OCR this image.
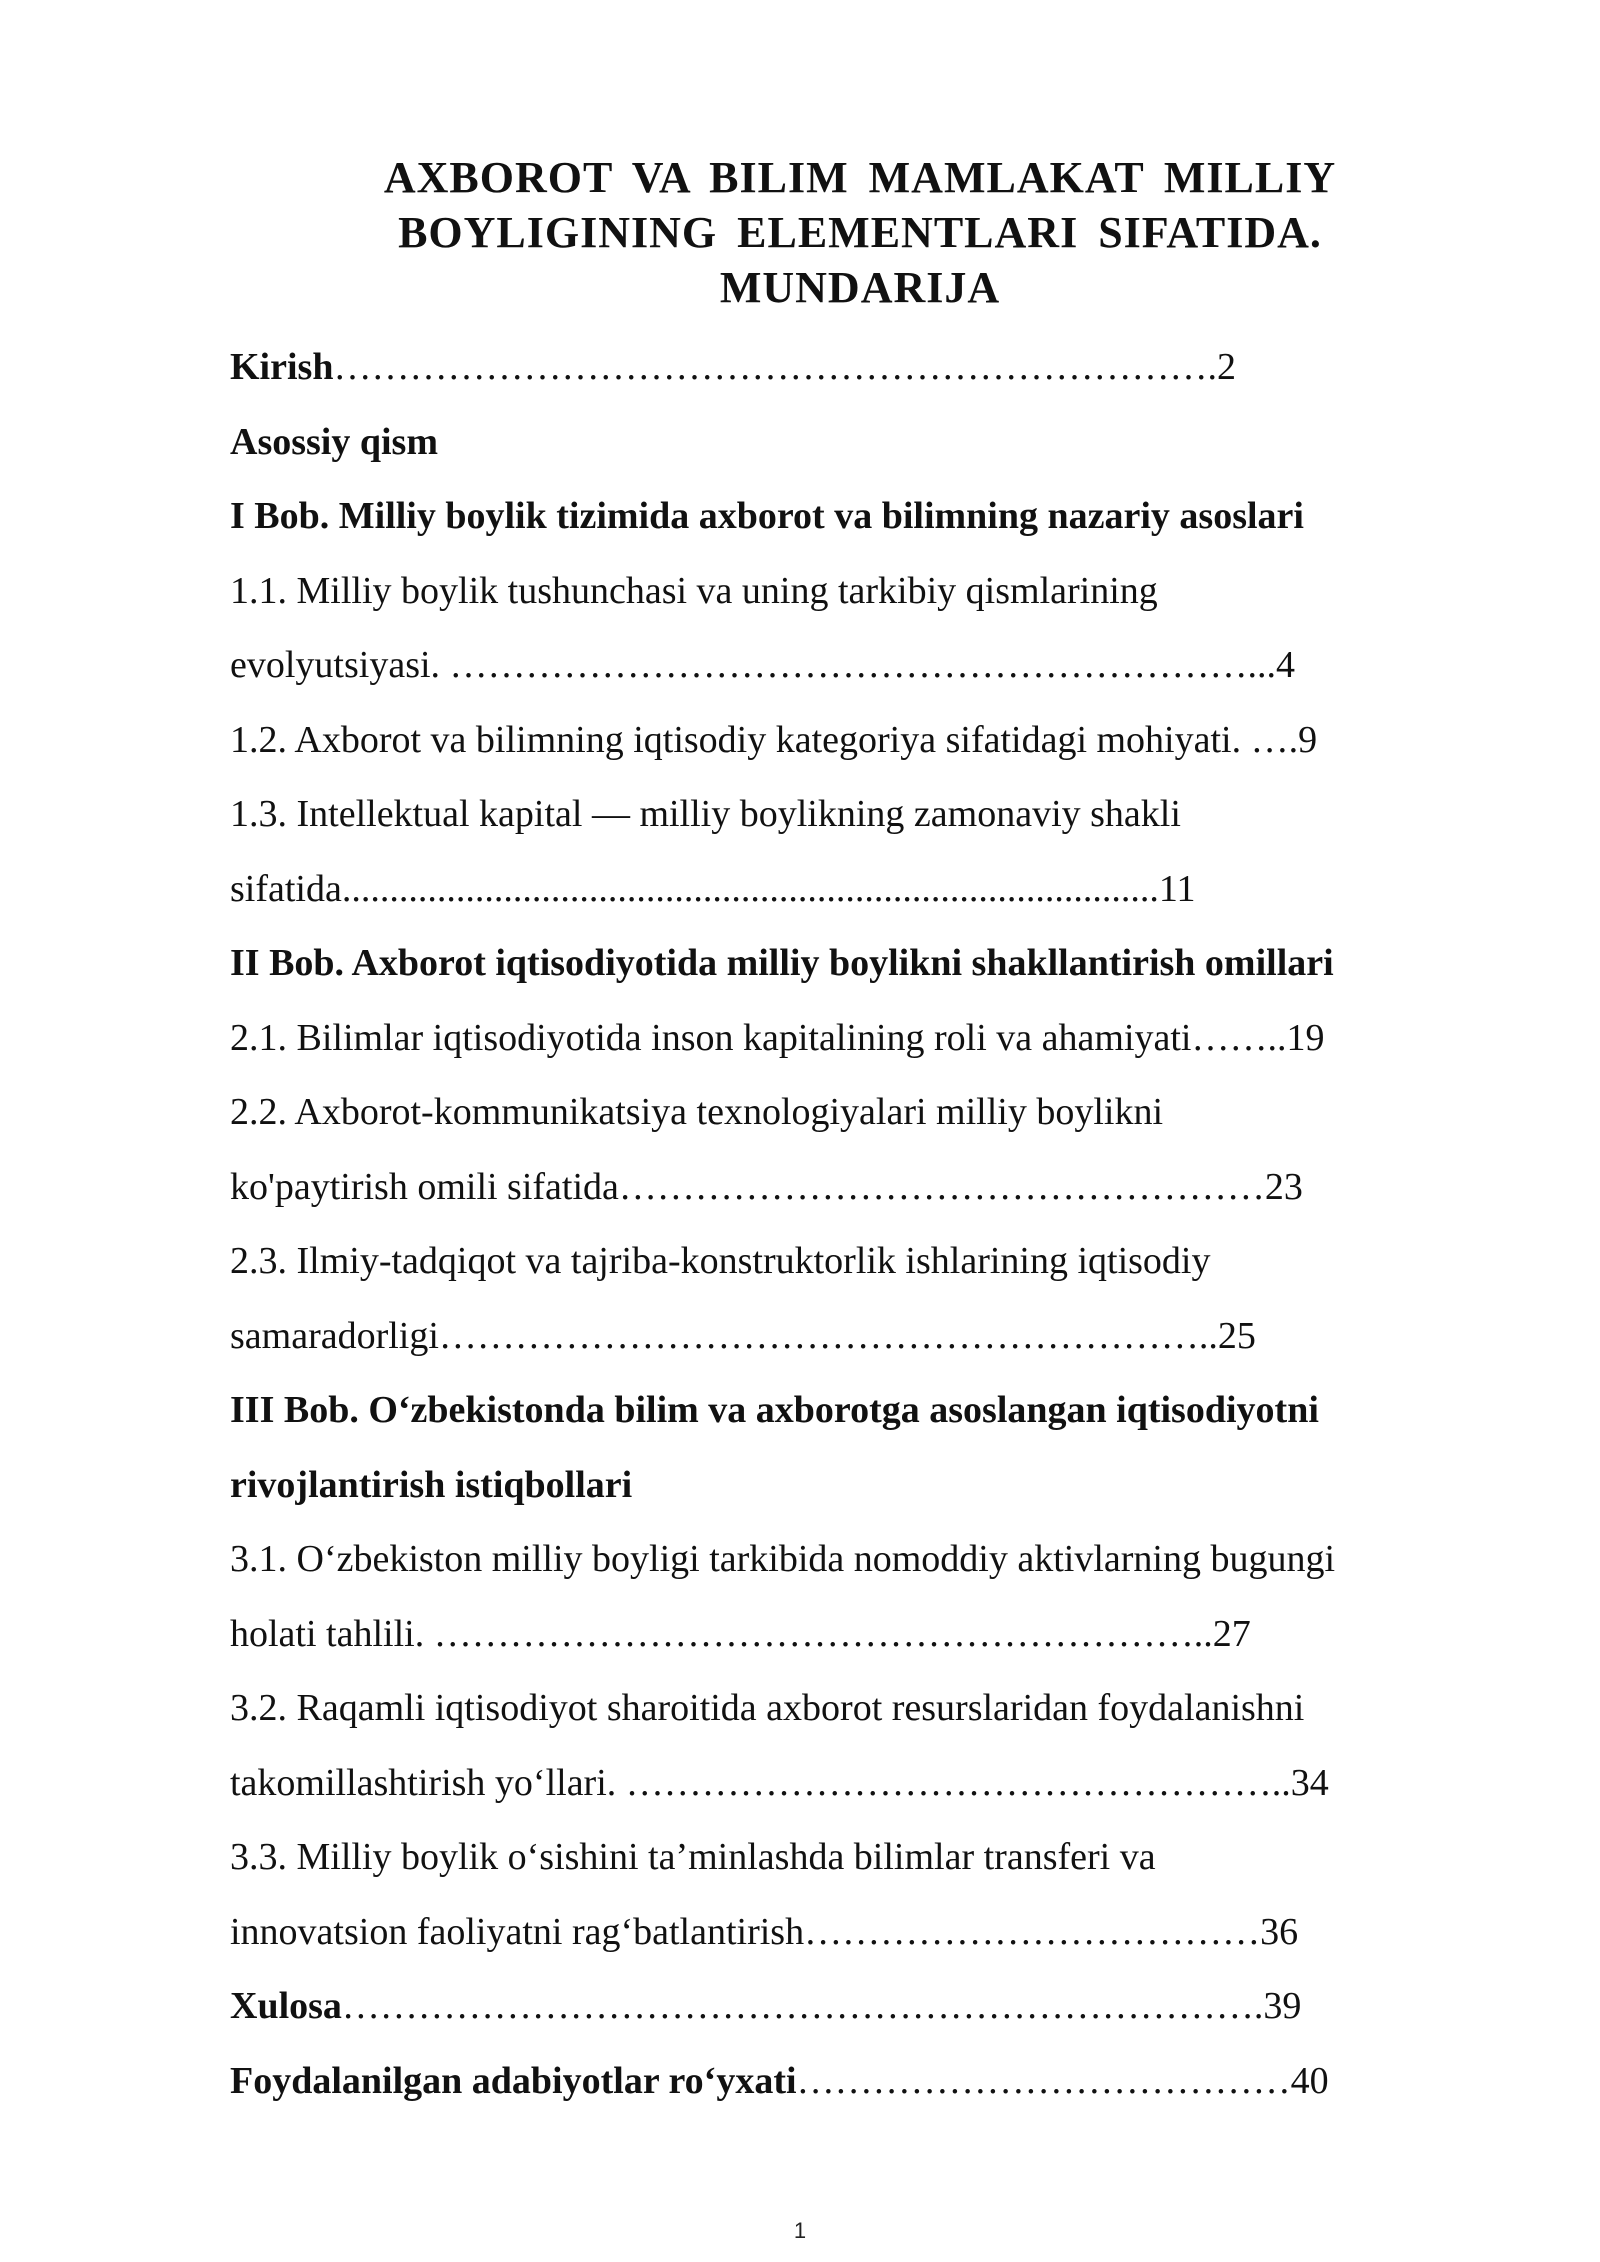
AXBOROT VA BILIM MAMLAKAT MILLIY
BOYLIGINING ELEMENTLARI SIFATIDA.
MUNDARIJA
Kirish…………………………………………………………….2
Asossiy qism
I Bob. Milliy boylik tizimida axborot va bilimning nazariy asoslari
1.1. Milliy boylik tushunchasi va uning tarkibiy qismlarining
evolyutsiyasi. ………………………………………………………...4
1.2. Axborot va bilimning iqtisodiy kategoriya sifatidagi mohiyati. ….9
1.3. Intellektual kapital — milliy boylikning zamonaviy shakli
sifatida......................................................................................11
II Bob. Axborot iqtisodiyotida milliy boylikni shakllantirish omillari
2.1. Bilimlar iqtisodiyotida inson kapitalining roli va ahamiyati……..19
2.2. Axborot-kommunikatsiya texnologiyalari milliy boylikni
ko'paytirish omili sifatida……………………………………………23
2.3. Ilmiy-tadqiqot va tajriba-konstruktorlik ishlarining iqtisodiy
samaradorligi……………………………………………………..25
III Bob. O‘zbekistonda bilim va axborotga asoslangan iqtisodiyotni
rivojlantirish istiqbollari
3.1. O‘zbekiston milliy boyligi tarkibida nomoddiy aktivlarning bugungi
holati tahlili. ……………………………………………………..27
3.2. Raqamli iqtisodiyot sharoitida axborot resurslaridan foydalanishni
takomillashtirish yo‘llari. ……………………………………………..34
3.3. Milliy boylik o‘sishini ta’minlashda bilimlar transferi va
innovatsion faoliyatni rag‘batlantirish………………………………36
Xulosa……………………………………………………………….39
Foydalanilgan adabiyotlar ro‘yxati…………………………………40
1
